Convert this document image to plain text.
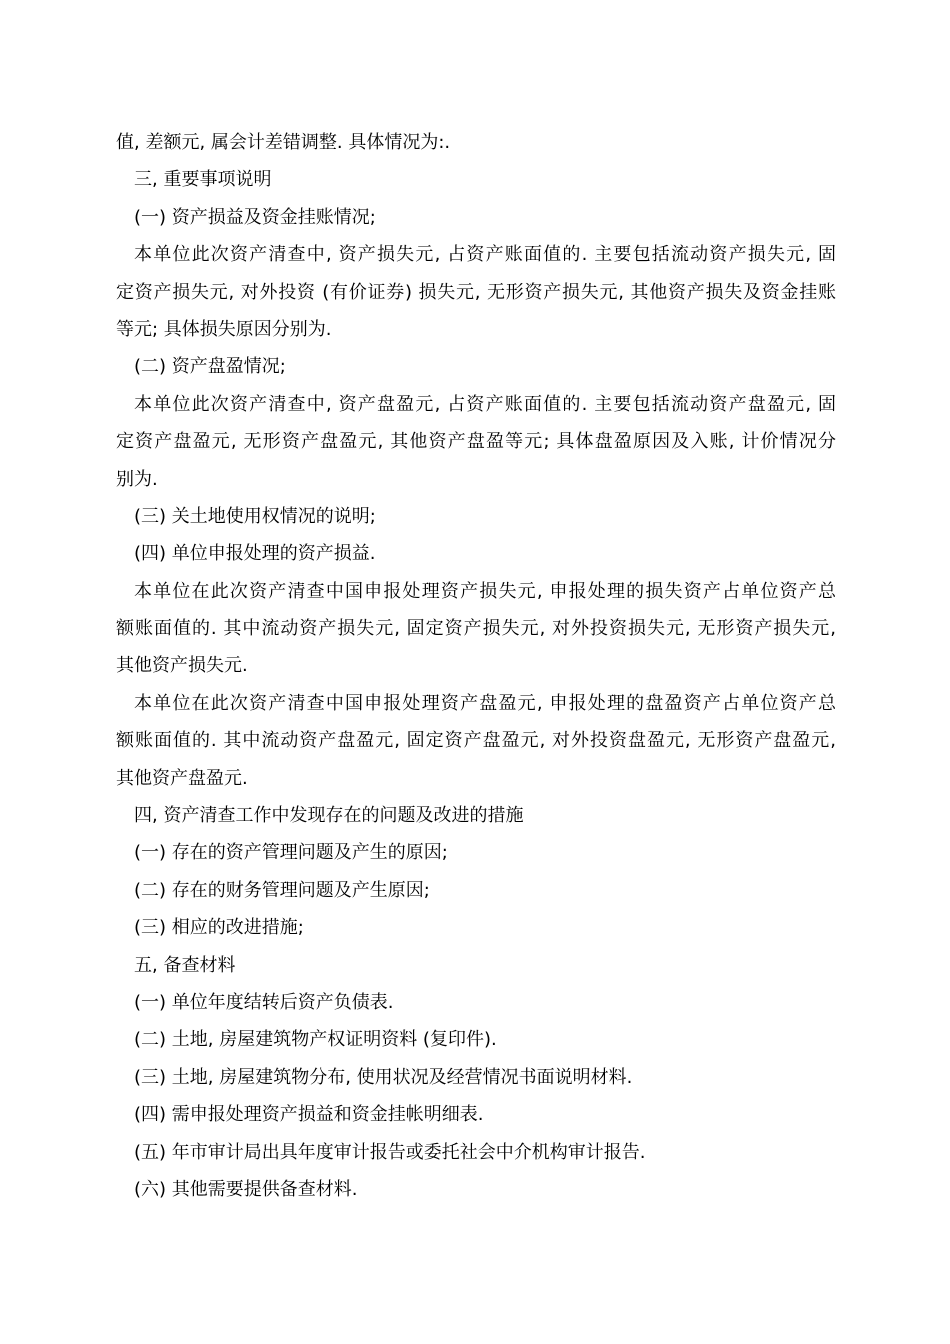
值, 差额元, 属会计差错调整. 具体情况为:.
三, 重要事项说明
(一) 资产损益及资金挂账情况;
本单位此次资产清查中, 资产损失元, 占资产账面值的. 主要包括流动资产损失元, 固
定资产损失元, 对外投资 (有价证券) 损失元, 无形资产损失元, 其他资产损失及资金挂账
等元; 具体损失原因分别为.
(二) 资产盘盈情况;
本单位此次资产清查中, 资产盘盈元, 占资产账面值的. 主要包括流动资产盘盈元, 固
定资产盘盈元, 无形资产盘盈元, 其他资产盘盈等元; 具体盘盈原因及入账, 计价情况分
别为.
(三) 关土地使用权情况的说明;
(四) 单位申报处理的资产损益.
本单位在此次资产清查中国申报处理资产损失元, 申报处理的损失资产占单位资产总
额账面值的. 其中流动资产损失元, 固定资产损失元, 对外投资损失元, 无形资产损失元,
其他资产损失元.
本单位在此次资产清查中国申报处理资产盘盈元, 申报处理的盘盈资产占单位资产总
额账面值的. 其中流动资产盘盈元, 固定资产盘盈元, 对外投资盘盈元, 无形资产盘盈元,
其他资产盘盈元.
四, 资产清查工作中发现存在的问题及改进的措施
(一) 存在的资产管理问题及产生的原因;
(二) 存在的财务管理问题及产生原因;
(三) 相应的改进措施;
五, 备查材料
(一) 单位年度结转后资产负债表.
(二) 土地, 房屋建筑物产权证明资料 (复印件).
(三) 土地, 房屋建筑物分布, 使用状况及经营情况书面说明材料.
(四) 需申报处理资产损益和资金挂帐明细表.
(五) 年市审计局出具年度审计报告或委托社会中介机构审计报告.
(六) 其他需要提供备查材料.
